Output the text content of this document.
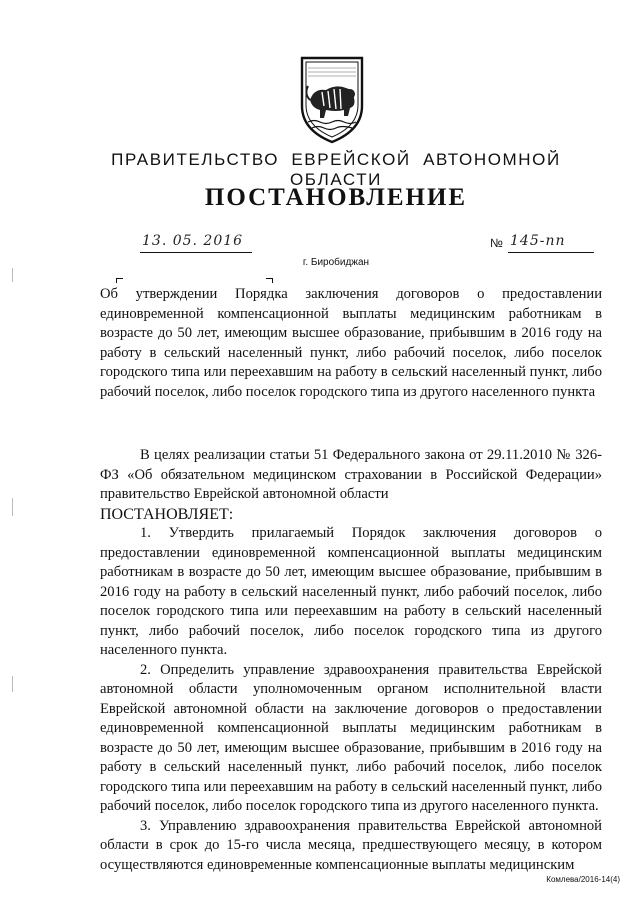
ПРАВИТЕЛЬСТВО ЕВРЕЙСКОЙ АВТОНОМНОЙ ОБЛАСТИ
ПОСТАНОВЛЕНИЕ
13. 05. 2016	№ 145-пп
г. Биробиджан
Об утверждении Порядка заключения договоров о предоставлении единовременной компенсационной выплаты медицинским работникам в возрасте до 50 лет, имеющим высшее образование, прибывшим в 2016 году на работу в сельский населенный пункт, либо рабочий поселок, либо поселок городского типа или переехавшим на работу в сельский населенный пункт, либо рабочий поселок, либо поселок городского типа из другого населенного пункта

В целях реализации статьи 51 Федерального закона от 29.11.2010 № 326-ФЗ «Об обязательном медицинском страховании в Российской Федерации» правительство Еврейской автономной области

ПОСТАНОВЛЯЕТ:

1. Утвердить прилагаемый Порядок заключения договоров о предоставлении единовременной компенсационной выплаты медицинским работникам в возрасте до 50 лет, имеющим высшее образование, прибывшим в 2016 году на работу в сельский населенный пункт, либо рабочий поселок, либо поселок городского типа или переехавшим на работу в сельский населенный пункт, либо рабочий поселок, либо поселок городского типа из другого населенного пункта.

2. Определить управление здравоохранения правительства Еврейской автономной области уполномоченным органом исполнительной власти Еврейской автономной области на заключение договоров о предоставлении единовременной компенсационной выплаты медицинским работникам в возрасте до 50 лет, имеющим высшее образование, прибывшим в 2016 году на работу в сельский населенный пункт, либо рабочий поселок, либо поселок городского типа или переехавшим на работу в сельский населенный пункт, либо рабочий поселок, либо поселок городского типа из другого населенного пункта.

3. Управлению здравоохранения правительства Еврейской автономной области в срок до 15-го числа месяца, предшествующего месяцу, в котором осуществляются единовременные компенсационные выплаты медицинским

Комлева/2016-14(4)
